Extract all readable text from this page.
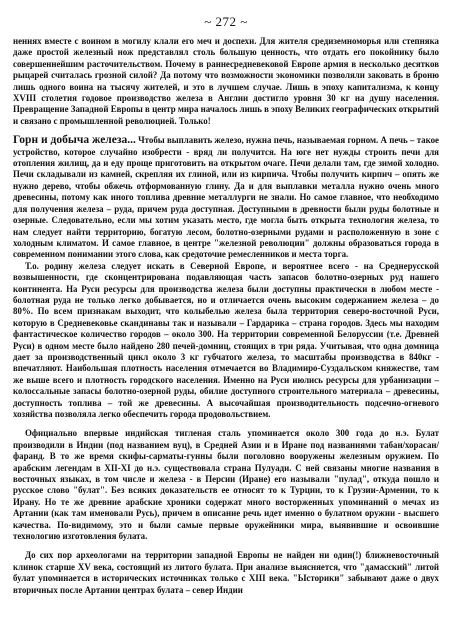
~ 272 ~

нениях вместе с воином в могилу клали его меч и доспехи. Для жителя средиземноморья или степняка даже простой железный нож представлял столь большую ценность, что отдать его покойнику было совершеннейшим расточительством. Почему в раннесредневековой Европе армия в несколько десятков рыцарей считалась грозной силой? Да потому что возможности экономики позволяли заковать в броню лишь одного воина на тысячу жителей, и это в лучшем случае. Лишь в эпоху капитализма, к концу XVIII столетия годовое производство железа в Англии достигло уровня 30 кг на душу населения. Превращение Западной Европы в центр мира началось лишь в эпоху Великих географических открытий и связано с промышленной революцией. Только!

Горн и добыча железа... Чтобы выплавить железо, нужна печь, называемая горном. А печь – такое устройство, которое случайно изобрести - вряд ли получится. На юге нет нужды строить печи для отопления жилищ, да и еду проще приготовить на открытом очаге. Печи делали там, где зимой холодно. Печи складывали из камней, скрепляя их глиной, или из кирпича. Чтобы получить кирпич – опять же нужно дерево, чтобы обжечь отформованную глину. Да и для выплавки металла нужно очень много древесины, потому как иного топлива древние металлурги не знали. Но самое главное, что необходимо для получения железа – руда, причем руда доступная. Доступными в древности были руды болотные и озерные. Следовательно, если мы хотим указать место, где могла быть открыта технология железа, то нам следует найти территорию, богатую лесом, болотно-озерными рудами и расположенную в зоне с холодным климатом. И самое главное, в центре "железной революции" должны образоваться города в современном понимании этого слова, как средоточие ремесленников и места торга.

Т.о. родину железа следует искать в Северной Европе, и вероятнее всего - на Среднерусской возвышенности, где сконцентрирована подавляющая часть запасов болотно-озерных руд нашего континента. На Руси ресурсы для производства железа были доступны практически в любом месте - болотная руда не только легко добывается, но и отличается очень высоким содержанием железа – до 80%. По всем признакам выходит, что колыбелью железа была территория северо-восточной Руси, которую в Средневековье скандинавы так и называли – Гардарика – страна городов. Здесь мы находим фантастическое количество городов – около 300. На территории современной Белоруссии (т.е. Древней Руси) в одном месте было найдено 280 печей-домниц, стоящих в три ряда. Учитывая, что одна домница дает за производственный цикл около 3 кг губчатого железа, то масштабы производства в 840кг - впечатляют. Наибольшая плотность населения отмечается во Владимиро-Суздальском княжестве, там же выше всего и плотность городского населения. Именно на Руси июлись ресурсы для урбанизации – колоссальные запасы болотно-озерной руды, обилие доступного строительного материала – древесины, доступность топлива – той же древесины. А высочайшая производительность подсечно-огневого хозяйства позволяла легко обеспечить города продовольствием.

Официально впервые индийская тигленая сталь упоминается около 300 года до н.э. Булат производили в Индии (под названием вуц), в Средней Азии и в Иране под названиями табан/хорасан/фаранд. В то же время скифы-сарматы-гунны были поголовно вооружены железным оружием. По арабским легендам в XII-XI до н.э. существовала страна Пулуади. С ней связаны многие названия в восточных языках, в том числе и железа - в Персии (Иране) его называли "пулад", откуда пошло и русское слово "булат". Без всяких доказательств ее относят то к Турции, то к Грузии-Армении, то к Ирану. Но те же древние арабские хроники содержат много восторженных упоминаний о мечах из Артании (как там именовали Русь), причем в описание речь идет именно о булатном оружии - высшего качества. По-видимому, это и были самые первые оружейники мира, выявившие и освоившие технологию изготовления булата.

До сих пор археологами на территории западной Европы не найден ни один(!) ближневосточный клинок старше XV века, состоящий из литого булата. При анализе выясняется, что "дамасский" литой булат упоминается в исторических источниках только с XIII века. "Ысторики" забывают даже о двух вторичных после Артании центрах булата – север Индии
